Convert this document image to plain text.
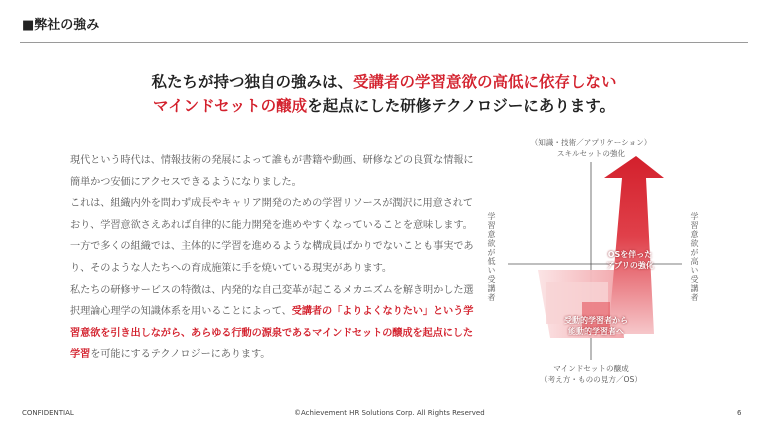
■弊社の強み
私たちが持つ独自の強みは、受講者の学習意欲の高低に依存しない
マインドセットの醸成を起点にした研修テクノロジーにあります。

現代という時代は、情報技術の発展によって誰もが書籍や動画、研修などの良質な情報に簡単かつ安価にアクセスできるようになりました。

これは、組織内外を問わず成長やキャリア開発のための学習リソースが潤沢に用意されており、学習意欲さえあれば自律的に能力開発を進めやすくなっていることを意味します。

一方で多くの組織では、主体的に学習を進めるような構成員ばかりでないことも事実であり、そのような人たちへの育成施策に手を焼いている現実があります。

私たちの研修サービスの特徴は、内発的な自己変革が起こるメカニズムを解き明かした選択理論心理学の知識体系を用いることによって、受講者の「よりよくなりたい」という学習意欲を引き出しながら、あらゆる行動の源泉であるマインドセットの醸成を起点にした学習を可能にするテクノロジーにあります。

（知識・技術／アプリケーション）
スキルセットの強化
学習意欲が低い受講者	学習意欲が高い受講者
OSを伴った
アプリの強化
受動的学習者から
能動的学習者へ
マインドセットの醸成
（考え方・ものの見方／OS）
CONFIDENTIAL	©Achievement HR Solutions Corp. All Rights Reserved	6
